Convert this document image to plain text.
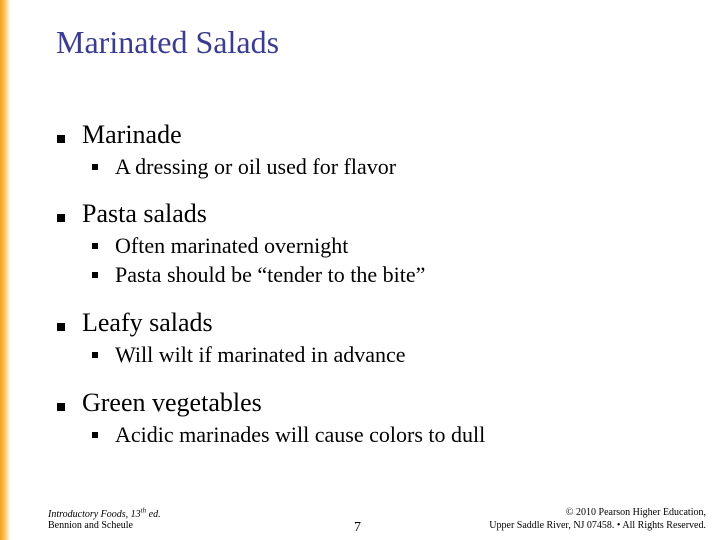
Marinated Salads
Marinade
A dressing or oil used for flavor
Pasta salads
Often marinated overnight
Pasta should be “tender to the bite”
Leafy salads
Will wilt if marinated in advance
Green vegetables
Acidic marinades will cause colors to dull
Introductory Foods, 13th ed.
Bennion and Scheule	7
© 2010 Pearson Higher Education,
Upper Saddle River, NJ 07458. • All Rights Reserved.
